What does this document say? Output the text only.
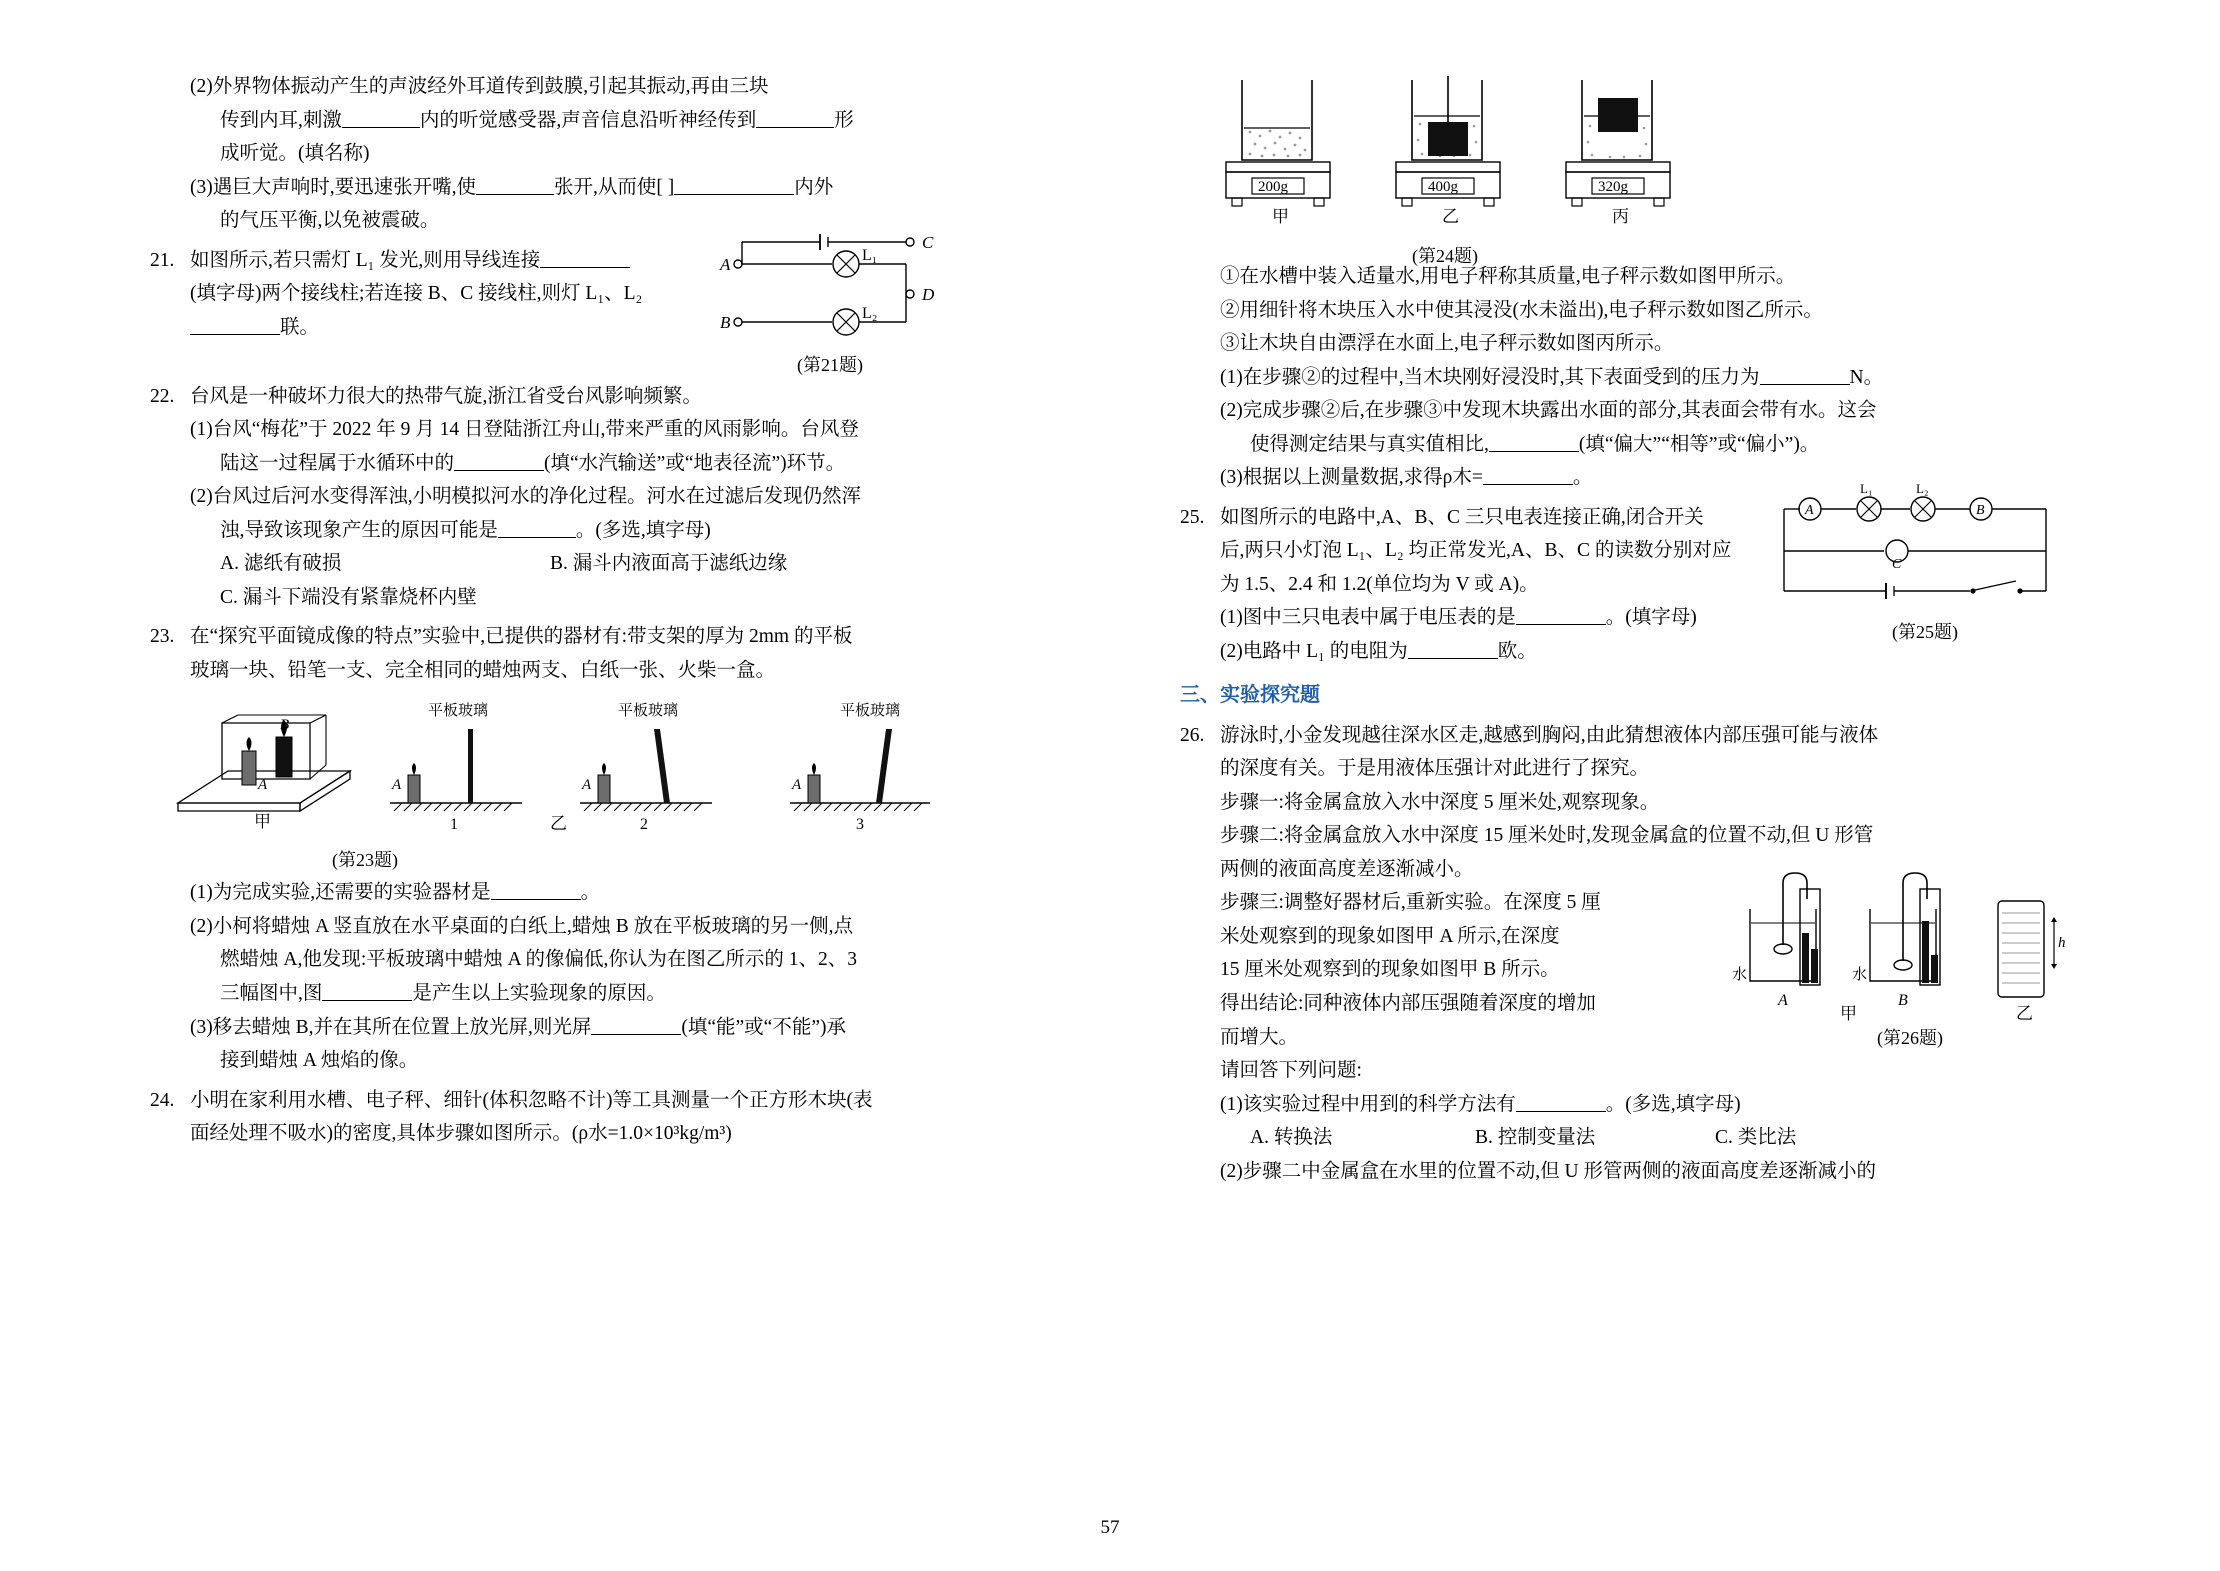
(2)外界物体振动产生的声波经外耳道传到鼓膜,引起其振动,再由三块
传到内耳,刺激	内的听觉感受器,声音信息沿听神经传到	形
成听觉。(填名称)
(3)遇巨大声响时,要迅速张开嘴,使	张开,从而使[ ]	内外
的气压平衡,以免被震破。
21. 如图所示,若只需灯 L₁ 发光,则用导线连接
(填字母)两个接线柱;若连接 B、C 接线柱,则灯 L₁、L₂
联。
A
B
C
D
L₁
L₂
(第21题)
22. 台风是一种破坏力很大的热带气旋,浙江省受台风影响频繁。
(1)台风“梅花”于 2022 年 9 月 14 日登陆浙江舟山,带来严重的风雨影响。台风登
陆这一过程属于水循环中的	(填“水汽输送”或“地表径流”)环节。
(2)台风过后河水变得浑浊,小明模拟河水的净化过程。河水在过滤后发现仍然浑
浊,导致该现象产生的原因可能是	。(多选,填字母)
A. 滤纸有破损	B. 漏斗内液面高于滤纸边缘
C. 漏斗下端没有紧靠烧杯内壁
23. 在“探究平面镜成像的特点”实验中,已提供的器材有:带支架的厚为 2mm 的平板
玻璃一块、铅笔一支、完全相同的蜡烛两支、白纸一张、火柴一盒。
A
B
甲
平板玻璃
A
1
平板玻璃
A
2
平板玻璃
A
3
乙
(第23题)
(1)为完成实验,还需要的实验器材是	。
(2)小柯将蜡烛 A 竖直放在水平桌面的白纸上,蜡烛 B 放在平板玻璃的另一侧,点
燃蜡烛 A,他发现:平板玻璃中蜡烛 A 的像偏低,你认为在图乙所示的 1、2、3
三幅图中,图	是产生以上实验现象的原因。
(3)移去蜡烛 B,并在其所在位置上放光屏,则光屏	(填“能”或“不能”)承
接到蜡烛 A 烛焰的像。
24. 小明在家利用水槽、电子秤、细针(体积忽略不计)等工具测量一个正方形木块(表
面经处理不吸水)的密度,具体步骤如图所示。(ρ水=1.0×10³kg/m³)
200g
甲
400g
乙
320g
丙
(第24题)
①在水槽中装入适量水,用电子秤称其质量,电子秤示数如图甲所示。
②用细针将木块压入水中使其浸没(水未溢出),电子秤示数如图乙所示。
③让木块自由漂浮在水面上,电子秤示数如图丙所示。
(1)在步骤②的过程中,当木块刚好浸没时,其下表面受到的压力为	N。
(2)完成步骤②后,在步骤③中发现木块露出水面的部分,其表面会带有水。这会
使得测定结果与真实值相比,	(填“偏大”“相等”或“偏小”)。
(3)根据以上测量数据,求得ρ木=	。
25. 如图所示的电路中,A、B、C 三只电表连接正确,闭合开关
后,两只小灯泡 L₁、L₂ 均正常发光,A、B、C 的读数分别对应
为 1.5、2.4 和 1.2(单位均为 V 或 A)。
(1)图中三只电表中属于电压表的是	。(填字母)
(2)电路中 L₁ 的电阻为	欧。
A
L₁	L₂
B
C
(第25题)
三、实验探究题
26. 游泳时,小金发现越往深水区走,越感到胸闷,由此猜想液体内部压强可能与液体
的深度有关。于是用液体压强计对此进行了探究。
步骤一:将金属盒放入水中深度 5 厘米处,观察现象。
步骤二:将金属盒放入水中深度 15 厘米处时,发现金属盒的位置不动,但 U 形管
两侧的液面高度差逐渐减小。
步骤三:调整好器材后,重新实验。在深度 5 厘
米处观察到的现象如图甲 A 所示,在深度
15 厘米处观察到的现象如图甲 B 所示。
得出结论:同种液体内部压强随着深度的增加
而增大。
请回答下列问题:
水
A
水
B
甲
h
乙
(第26题)
(1)该实验过程中用到的科学方法有	。(多选,填字母)
A. 转换法	B. 控制变量法	C. 类比法
(2)步骤二中金属盒在水里的位置不动,但 U 形管两侧的液面高度差逐渐减小的
57
